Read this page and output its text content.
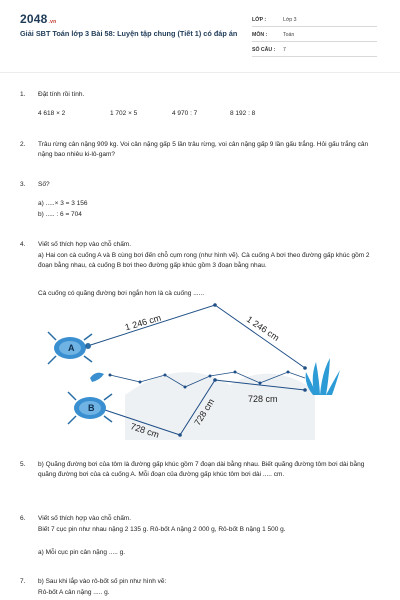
2048.vn
Giải SBT Toán lớp 3 Bài 58: Luyện tập chung (Tiết 1) có đáp án
LỚP :	Lớp 3
MÔN :	Toán
SỐ CÂU : 7
1. Đặt tính rồi tính.
4 618 × 2	1 702 × 5	4 970 : 7	8 192 : 8
2. Trâu rừng cân nặng 909 kg. Voi cân nặng gấp 5 lần trâu rừng, voi cân nặng gấp 9 lần gấu trắng. Hỏi gấu trắng cân nặng bao nhiêu ki-lô-gam?
3. Số?
a) .....× 3 = 3 156
b) ..... : 6 = 704
4. Viết số thích hợp vào chỗ chấm.
a) Hai con cà cuống A và B cùng bơi đến chỗ cụm rong (như hình vẽ). Cà cuống A bơi theo đường gấp khúc gồm 2 đoạn bằng nhau, cà cuống B bơi theo đường gấp khúc gồm 3 đoạn bằng nhau.
Cà cuống có quãng đường bơi ngắn hơn là cà cuống ......
1 246 cm	1 246 cm
728 cm
728 cm	728 cm
A
B
5. b) Quãng đường bơi của tôm là đường gấp khúc gồm 7 đoạn dài bằng nhau. Biết quãng đường tôm bơi dài bằng quãng đường bơi của cà cuống A. Mỗi đoạn của đường gấp khúc tôm bơi dài ..... cm.
6. Viết số thích hợp vào chỗ chấm.
Biết 7 cục pin như nhau nặng 2 135 g. Rô-bốt A nặng 2 000 g, Rô-bốt B nặng 1 500 g.
a) Mỗi cục pin cân nặng ..... g.
7. b) Sau khi lắp vào rô-bốt số pin như hình vẽ:
Rô-bốt A cân nặng ..... g.
